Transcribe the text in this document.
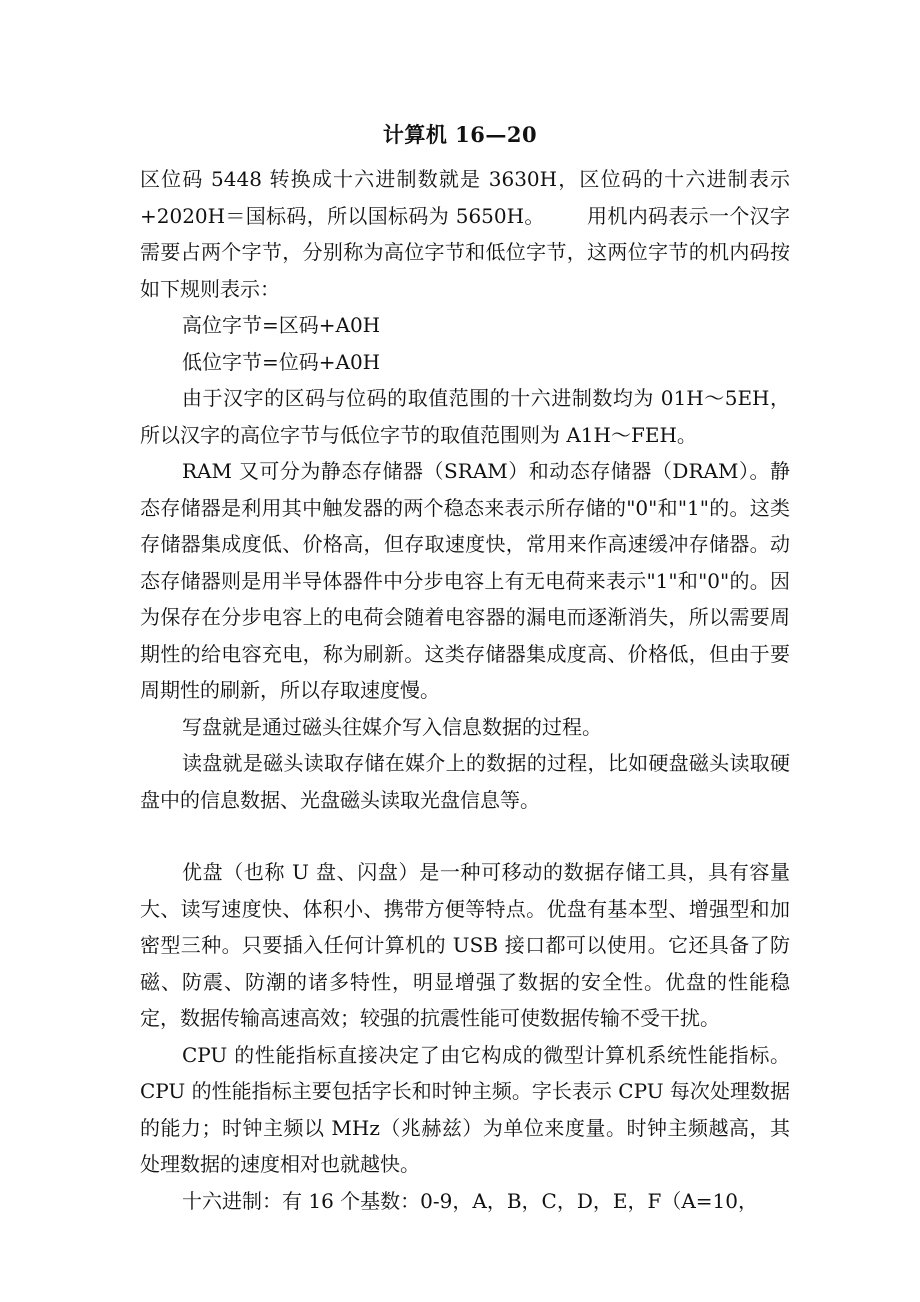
计算机 16—20

区位码 5448 转换成十六进制数就是 3630H，区位码的十六进制表示+2020H＝国标码，所以国标码为 5650H。 用机内码表示一个汉字需要占两个字节，分别称为高位字节和低位字节，这两位字节的机内码按如下规则表示：

高位字节=区码+A0H

低位字节=位码+A0H

由于汉字的区码与位码的取值范围的十六进制数均为 01H～5EH，所以汉字的高位字节与低位字节的取值范围则为 A1H～FEH。

RAM 又可分为静态存储器（SRAM）和动态存储器（DRAM）。静态存储器是利用其中触发器的两个稳态来表示所存储的"0"和"1"的。这类存储器集成度低、价格高，但存取速度快，常用来作高速缓冲存储器。动态存储器则是用半导体器件中分步电容上有无电荷来表示"1"和"0"的。因为保存在分步电容上的电荷会随着电容器的漏电而逐渐消失，所以需要周期性的给电容充电，称为刷新。这类存储器集成度高、价格低，但由于要周期性的刷新，所以存取速度慢。

写盘就是通过磁头往媒介写入信息数据的过程。

读盘就是磁头读取存储在媒介上的数据的过程，比如硬盘磁头读取硬盘中的信息数据、光盘磁头读取光盘信息等。

优盘（也称 U 盘、闪盘）是一种可移动的数据存储工具，具有容量大、读写速度快、体积小、携带方便等特点。优盘有基本型、增强型和加密型三种。只要插入任何计算机的 USB 接口都可以使用。它还具备了防磁、防震、防潮的诸多特性，明显增强了数据的安全性。优盘的性能稳定，数据传输高速高效；较强的抗震性能可使数据传输不受干扰。

CPU 的性能指标直接决定了由它构成的微型计算机系统性能指标。CPU 的性能指标主要包括字长和时钟主频。字长表示 CPU 每次处理数据的能力；时钟主频以 MHz（兆赫兹）为单位来度量。时钟主频越高，其处理数据的速度相对也就越快。

十六进制：有 16 个基数：0-9，A，B，C，D，E，F（A=10，
